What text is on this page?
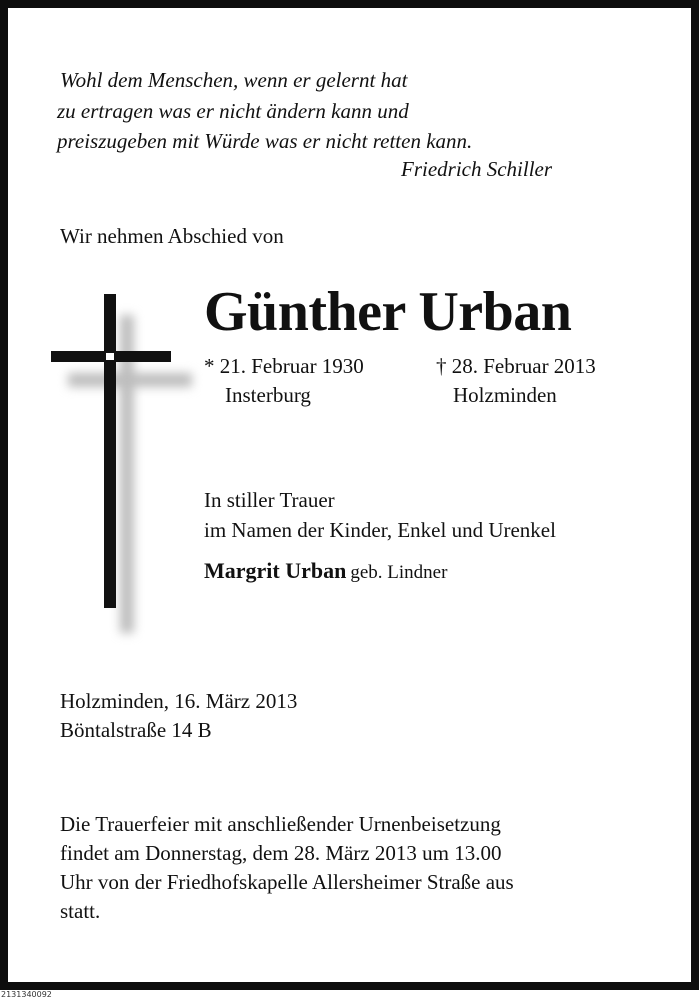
Wohl dem Menschen, wenn er gelernt hat

zu ertragen was er nicht ändern kann und

preiszugeben mit Würde was er nicht retten kann.

Friedrich Schiller

Wir nehmen Abschied von

Günther Urban

* 21. Februar 1930

Insterburg

† 28. Februar 2013

Holzminden

In stiller Trauer

im Namen der Kinder, Enkel und Urenkel

Margrit Urban geb. Lindner

Holzminden, 16. März 2013

Böntalstraße 14 B

Die Trauerfeier mit anschließender Urnenbeisetzung

findet am Donnerstag, dem 28. März 2013 um 13.00

Uhr von der Friedhofskapelle Allersheimer Straße aus

statt.

2131340092
